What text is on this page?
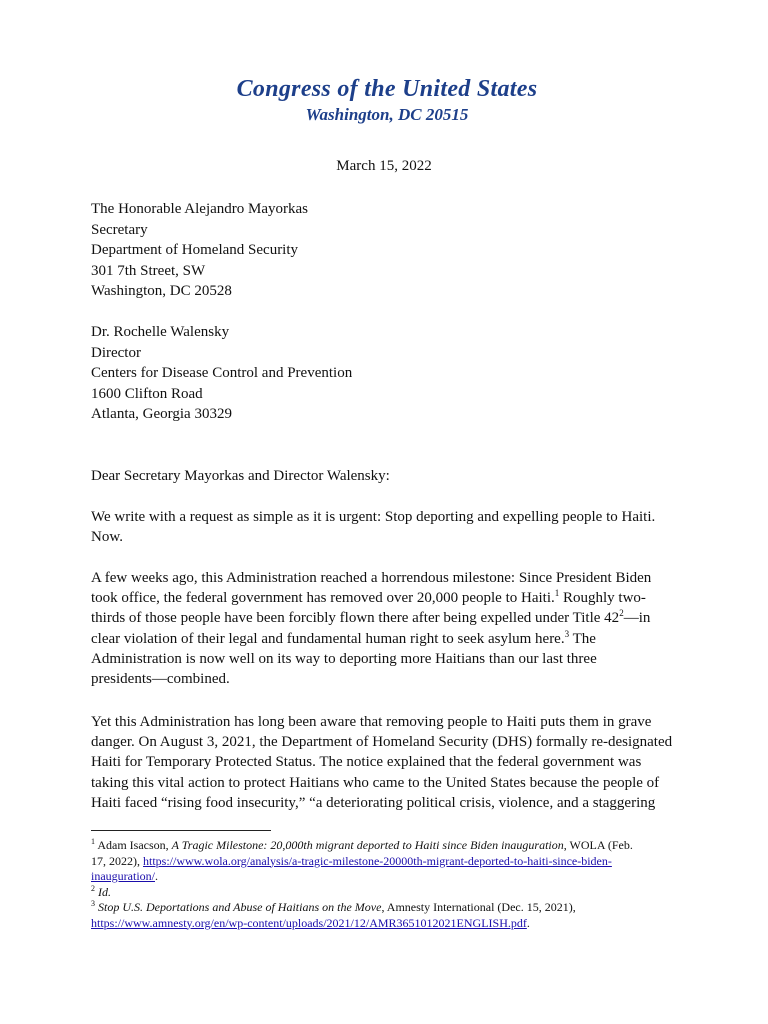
Congress of the United States
Washington, DC 20515
March 15, 2022
The Honorable Alejandro Mayorkas
Secretary
Department of Homeland Security
301 7th Street, SW
Washington, DC 20528
Dr. Rochelle Walensky
Director
Centers for Disease Control and Prevention
1600 Clifton Road
Atlanta, Georgia 30329
Dear Secretary Mayorkas and Director Walensky:
We write with a request as simple as it is urgent: Stop deporting and expelling people to Haiti.
Now.
A few weeks ago, this Administration reached a horrendous milestone: Since President Biden
took office, the federal government has removed over 20,000 people to Haiti.$^1$ Roughly two-
thirds of those people have been forcibly flown there after being expelled under Title $42^2—in$
clear violation of their legal and fundamental human right to seek asylum here.$^3$ The
Administration is now well on its way to deporting more Haitians than our last three
presidents—combined.
Yet this Administration has long been aware that removing people to Haiti puts them in grave
danger. On August 3, 2021, the Department of Homeland Security (DHS) formally re-designated
Haiti for Temporary Protected Status. The notice explained that the federal government was
taking this vital action to protect Haitians who came to the United States because the people of
Haiti faced “rising food insecurity,” “a deteriorating political crisis, violence, and a staggering
$^1$ Adam Isacson, A Tragic Milestone: 20,000th migrant deported to Haiti since Biden inauguration, WOLA (Feb.
17, 2022), https://www.wola.org/analysis/a-tragic-milestone-20000th-migrant-deported-to-haiti-since-biden-
inauguration/.
$^2$ Id.
$^3$ Stop U.S. Deportations and Abuse of Haitians on the Move, Amnesty International (Dec. 15, 2021),
https://www.amnesty.org/en/wp-content/uploads/2021/12/AMR3651012021ENGLISH.pdf.
